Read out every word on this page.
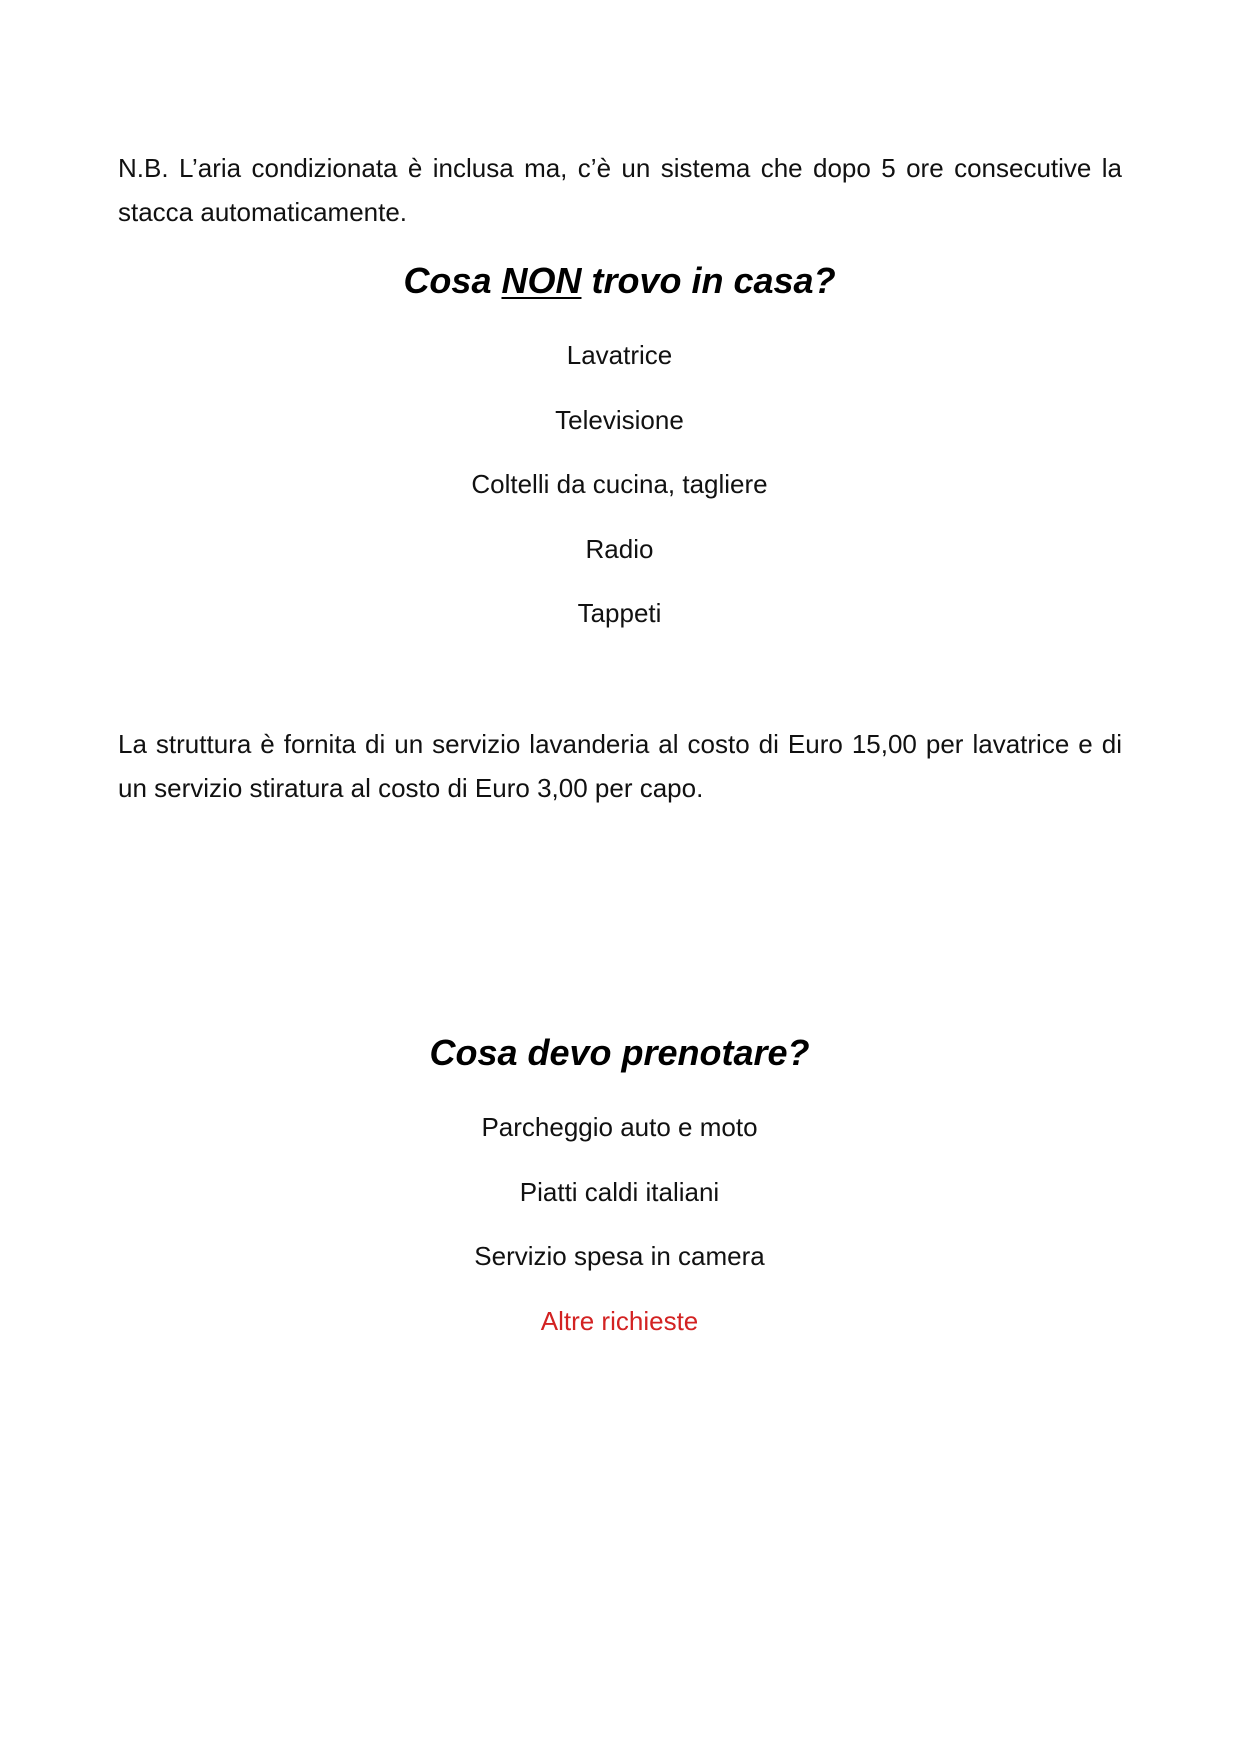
N.B. L’aria condizionata è inclusa ma, c’è un sistema che dopo 5 ore consecutive la stacca automaticamente.

Cosa NON trovo in casa?
Lavatrice
Televisione
Coltelli da cucina, tagliere
Radio
Tappeti

La struttura è fornita di un servizio lavanderia al costo di Euro 15,00 per lavatrice e di un servizio stiratura al costo di Euro 3,00 per capo.

Cosa devo prenotare?
Parcheggio auto e moto
Piatti caldi italiani
Servizio spesa in camera
Altre richieste
